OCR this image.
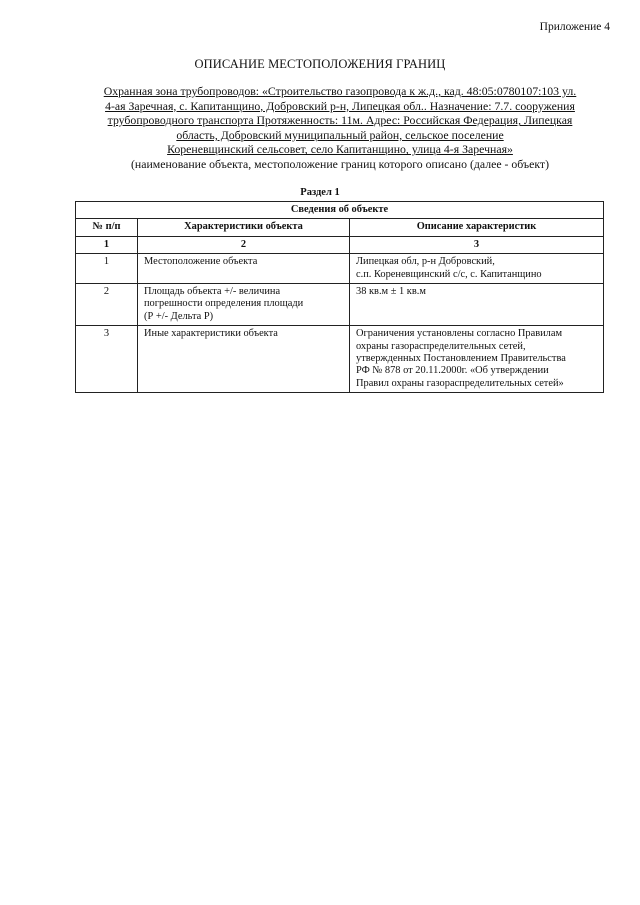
Приложение 4
ОПИСАНИЕ МЕСТОПОЛОЖЕНИЯ ГРАНИЦ
Охранная зона трубопроводов: «Строительство газопровода к ж.д., кад. 48:05:0780107:103 ул.
4-ая Заречная, с. Капитанщино, Добровский р-н, Липецкая обл.. Назначение: 7.7. сооружения
трубопроводного транспорта Протяженность: 11м. Адрес: Российская Федерация, Липецкая
область, Добровский муниципальный район, сельское поселение
Кореневщинский сельсовет, село Капитанщино, улица 4-я Заречная»
(наименование объекта, местоположение границ которого описано (далее - объект)
Раздел 1
Сведения об объекте		
№ п/п	Характеристики объекта	Описание характеристик
1	2	3
1	Местоположение объекта	Липецкая обл, р-н Добровский,
с.п. Кореневщинский с/с, с. Капитанщино
2	Площадь объекта +/- величина
погрешности определения площади
(Р +/- Дельта Р)	38 кв.м ± 1 кв.м
3	Иные характеристики объекта	Ограничения установлены согласно Правилам
охраны газораспределительных сетей,
утвержденных Постановлением Правительства
РФ № 878 от 20.11.2000г. «Об утверждении
Правил охраны газораспределительных сетей»
